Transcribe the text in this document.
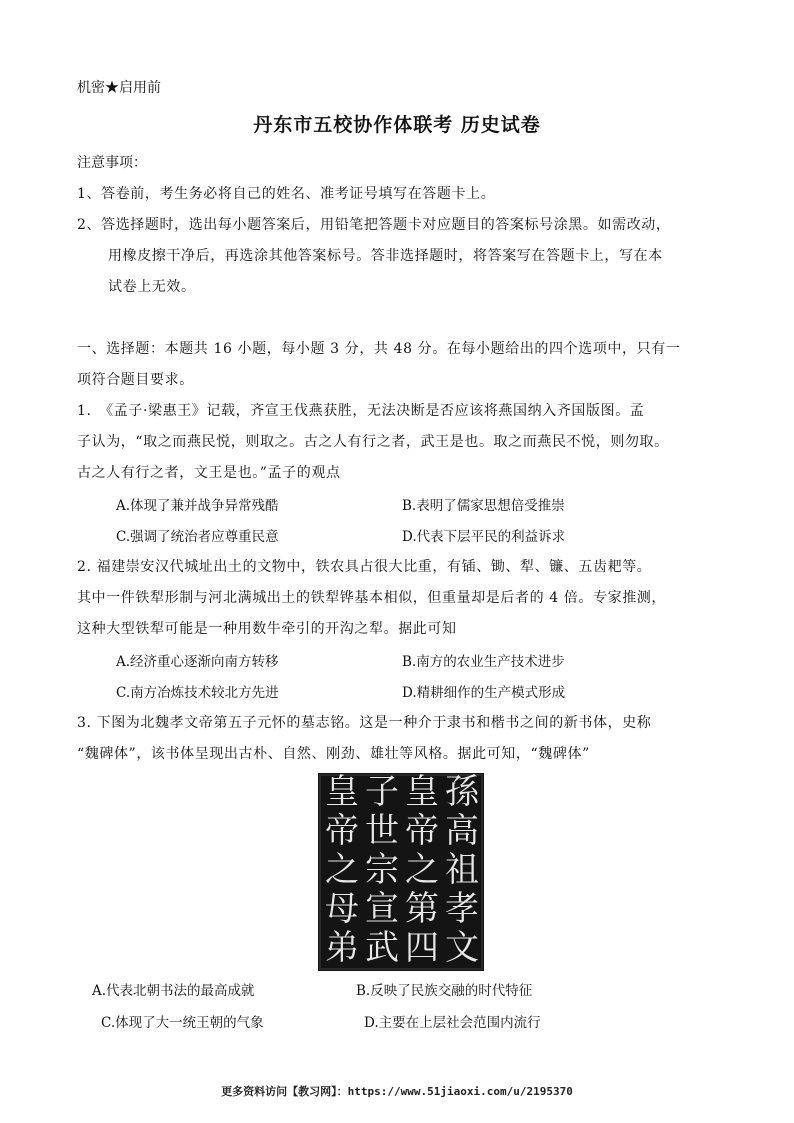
机密★启用前
丹东市五校协作体联考 历史试卷
注意事项：
1、答卷前，考生务必将自己的姓名、准考证号填写在答题卡上。
2、答选择题时，选出每小题答案后，用铅笔把答题卡对应题目的答案标号涂黑。如需改动，
用橡皮擦干净后，再选涂其他答案标号。答非选择题时，将答案写在答题卡上，写在本
试卷上无效。
一、选择题：本题共 16 小题，每小题 3 分，共 48 分。在每小题给出的四个选项中，只有一
项符合题目要求。
1.　《孟子·梁惠王》记载，齐宣王伐燕获胜，无法决断是否应该将燕国纳入齐国版图。孟
子认为，“取之而燕民悦，则取之。古之人有行之者，武王是也。取之而燕民不悦，则勿取。
古之人有行之者，文王是也。”孟子的观点
A.体现了兼并战争异常残酷	B.表明了儒家思想倍受推崇
C.强调了统治者应尊重民意	D.代表下层平民的利益诉求
2. 福建崇安汉代城址出土的文物中，铁农具占很大比重，有锸、锄、犁、镰、五齿耙等。
其中一件铁犁形制与河北满城出土的铁犁铧基本相似，但重量却是后者的 4 倍。专家推测，
这种大型铁犁可能是一种用数牛牵引的开沟之犁。据此可知
A.经济重心逐渐向南方转移	B.南方的农业生产技术进步
C.南方冶炼技术较北方先进	D.精耕细作的生产模式形成
3. 下图为北魏孝文帝第五子元怀的墓志铭。这是一种介于隶书和楷书之间的新书体，史称
“魏碑体”，该书体呈现出古朴、自然、刚劲、雄壮等风格。据此可知，“魏碑体”
孫
高
祖
孝
文
皇
帝
之
第
四
子
世
宗
宣
武
皇
帝
之
母
弟
A.代表北朝书法的最高成就	B.反映了民族交融的时代特征
C.体现了大一统王朝的气象	D.主要在上层社会范围内流行
更多资料访问【教习网】：https://www.51jiaoxi.com/u/2195370
